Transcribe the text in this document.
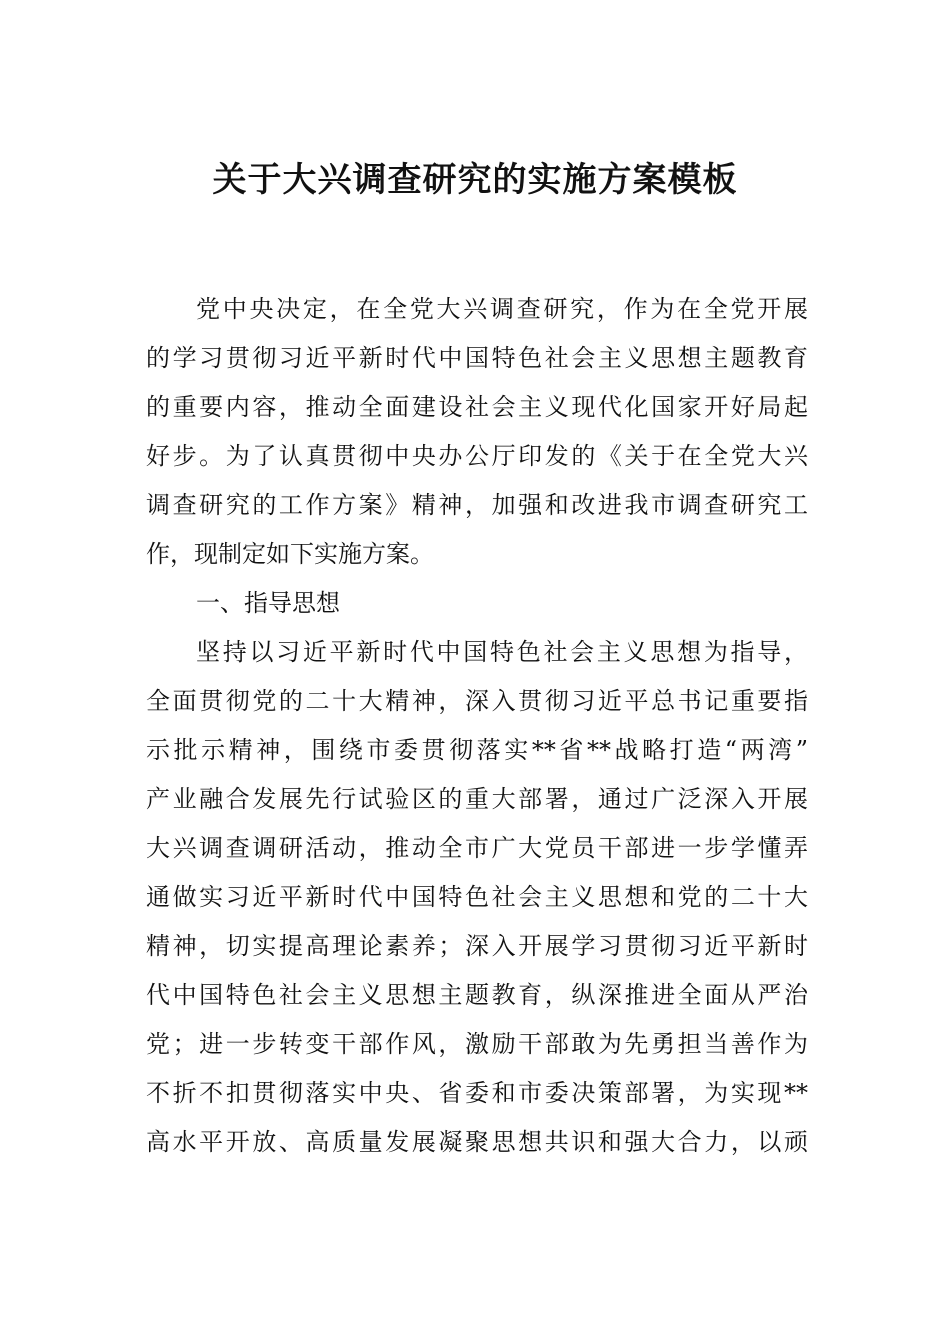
关于大兴调查研究的实施方案模板
党中央决定，在全党大兴调查研究，作为在全党开展
的学习贯彻习近平新时代中国特色社会主义思想主题教育
的重要内容，推动全面建设社会主义现代化国家开好局起
好步。为了认真贯彻中央办公厅印发的《关于在全党大兴
调查研究的工作方案》精神，加强和改进我市调查研究工
作，现制定如下实施方案。
一、指导思想
坚持以习近平新时代中国特色社会主义思想为指导，
全面贯彻党的二十大精神，深入贯彻习近平总书记重要指
示批示精神，围绕市委贯彻落实**省**战略打造“两湾”
产业融合发展先行试验区的重大部署，通过广泛深入开展
大兴调查调研活动，推动全市广大党员干部进一步学懂弄
通做实习近平新时代中国特色社会主义思想和党的二十大
精神，切实提高理论素养；深入开展学习贯彻习近平新时
代中国特色社会主义思想主题教育，纵深推进全面从严治
党；进一步转变干部作风，激励干部敢为先勇担当善作为
不折不扣贯彻落实中央、省委和市委决策部署，为实现**
高水平开放、高质量发展凝聚思想共识和强大合力，以顽
